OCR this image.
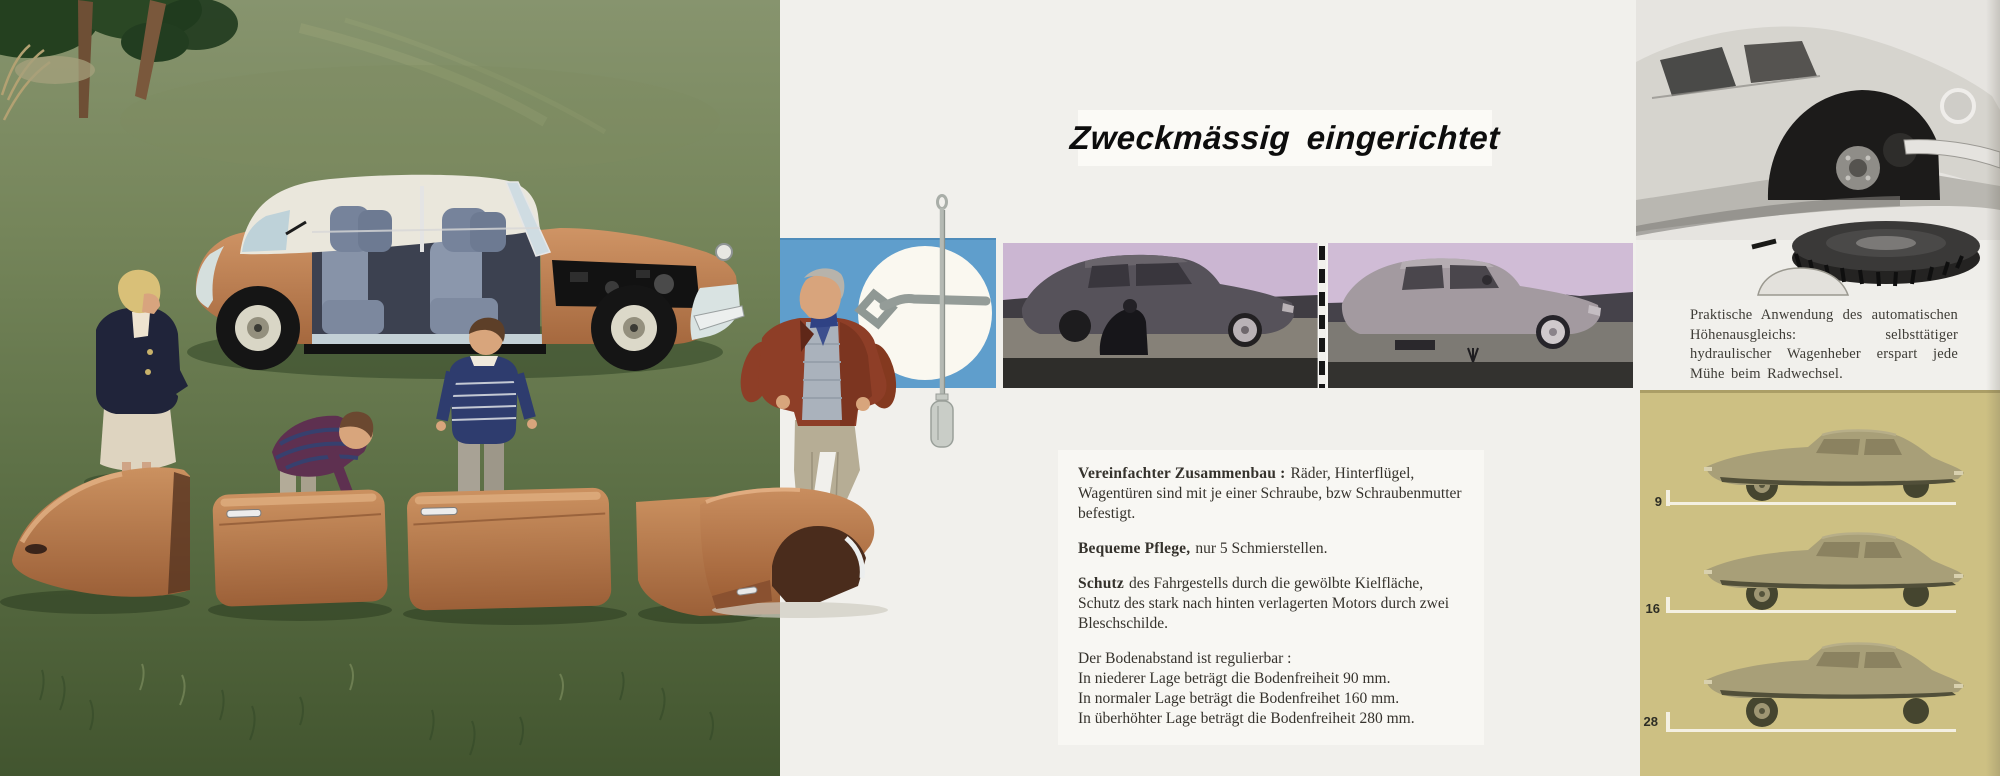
Zweckmässig eingerichtet

Vereinfachter Zusammenbau : Räder, Hinterflügel, Wagentüren sind mit je einer Schraube, bzw Schraubenmutter befestigt.

Bequeme Pflege, nur 5 Schmierstellen.

Schutz des Fahrgestells durch die gewölbte Kielfläche, Schutz des stark nach hinten verlagerten Motors durch zwei Bleschschilde.

Der Bodenabstand ist regulierbar :
In niederer Lage beträgt die Bodenfreiheit 90 mm.
In normaler Lage beträgt die Bodenfreihet 160 mm.
In überhöhter Lage beträgt die Bodenfreiheit 280 mm.
Praktische Anwendung des automatischen Höhenausgleichs: selbsttätiger hydraulischer Wagenheber erspart jede Mühe beim Radwechsel.
9
16
28
